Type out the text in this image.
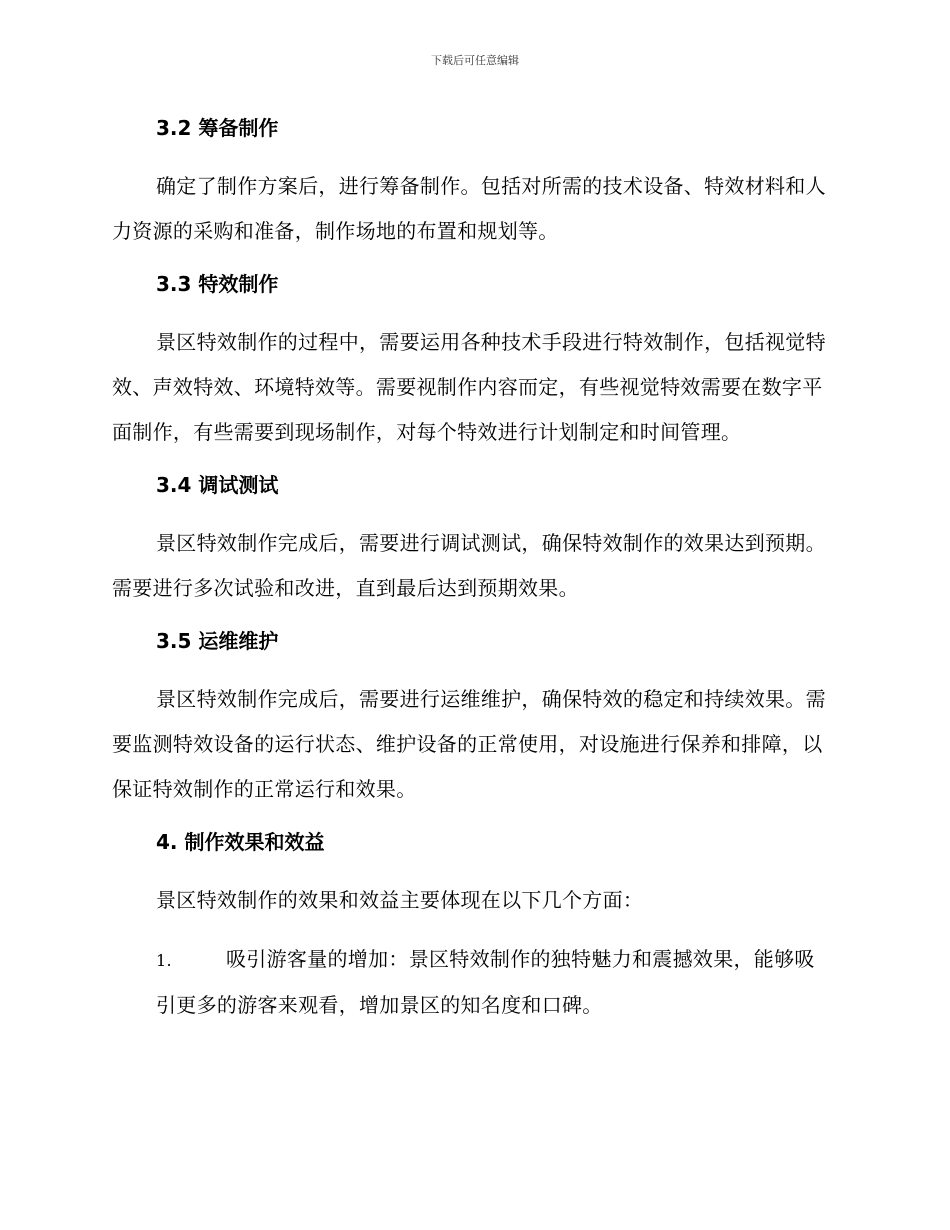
下载后可任意编辑
3.2 筹备制作

确定了制作方案后，进行筹备制作。包括对所需的技术设备、特效材料和人力资源的采购和准备，制作场地的布置和规划等。

3.3 特效制作

景区特效制作的过程中，需要运用各种技术手段进行特效制作，包括视觉特效、声效特效、环境特效等。需要视制作内容而定，有些视觉特效需要在数字平面制作，有些需要到现场制作，对每个特效进行计划制定和时间管理。

3.4 调试测试

景区特效制作完成后，需要进行调试测试，确保特效制作的效果达到预期。需要进行多次试验和改进，直到最后达到预期效果。

3.5 运维维护

景区特效制作完成后，需要进行运维维护，确保特效的稳定和持续效果。需要监测特效设备的运行状态、维护设备的正常使用，对设施进行保养和排障，以保证特效制作的正常运行和效果。

4. 制作效果和效益

景区特效制作的效果和效益主要体现在以下几个方面：

1.	吸引游客量的增加：景区特效制作的独特魅力和震撼效果，能够吸引更多的游客来观看，增加景区的知名度和口碑。
